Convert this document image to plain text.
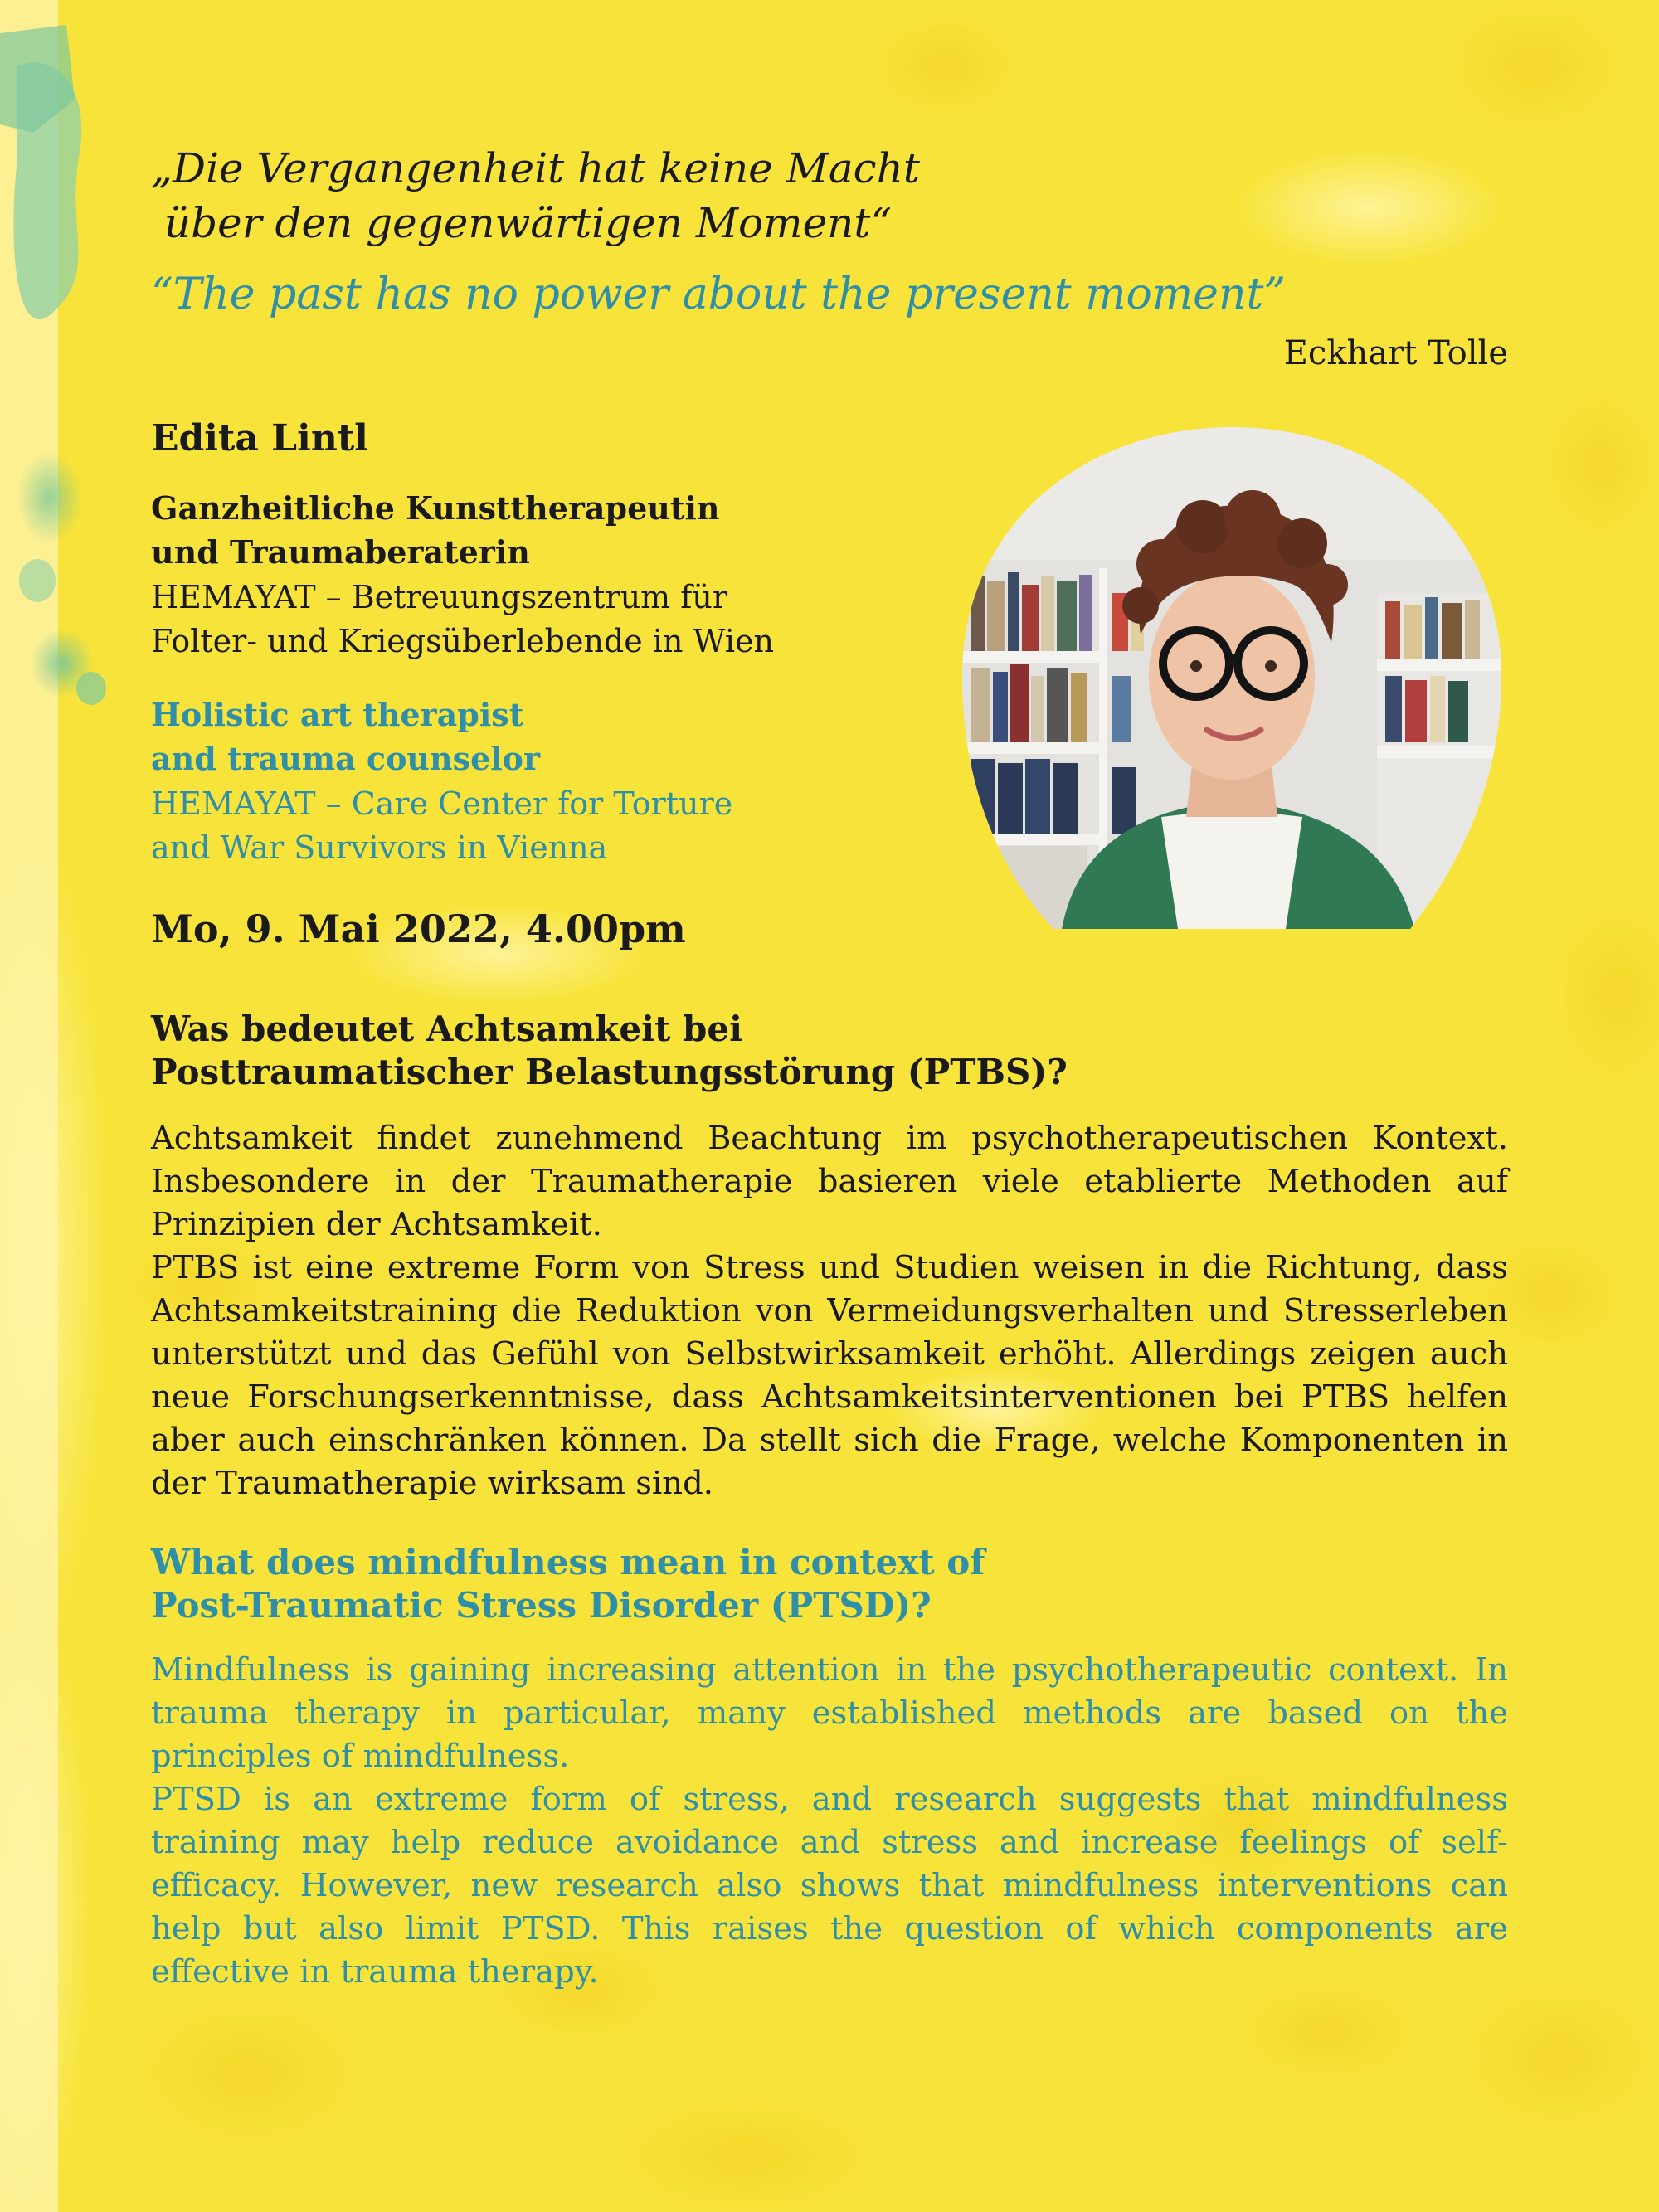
„Die Vergangenheit hat keine Macht
über den gegenwärtigen Moment“
“The past has no power about the present moment”
Eckhart Tolle
Edita Lintl
Ganzheitliche Kunsttherapeutin
und Traumaberaterin
HEMAYAT – Betreuungszentrum für
Folter- und Kriegsüberlebende in Wien
Holistic art therapist
and trauma counselor
HEMAYAT – Care Center for Torture
and War Survivors in Vienna
Mo, 9. Mai 2022, 4.00pm
Was bedeutet Achtsamkeit bei
Posttraumatischer Belastungsstörung (PTBS)?
Achtsamkeit findet zunehmend Beachtung im psychotherapeutischen Kontext. Insbesondere in der Traumatherapie basieren viele etablierte Methoden auf Prinzipien der Achtsamkeit.
PTBS ist eine extreme Form von Stress und Studien weisen in die Richtung, dass Achtsamkeitstraining die Reduktion von Vermeidungsverhalten und Stresserleben unterstützt und das Gefühl von Selbstwirksamkeit erhöht. Allerdings zeigen auch neue Forschungserkenntnisse, dass Achtsamkeitsinterventionen bei PTBS helfen aber auch einschränken können. Da stellt sich die Frage, welche Komponenten in der Traumatherapie wirksam sind.
What does mindfulness mean in context of
Post-Traumatic Stress Disorder (PTSD)?
Mindfulness is gaining increasing attention in the psychotherapeutic context. In trauma therapy in particular, many established methods are based on the principles of mindfulness.
PTSD is an extreme form of stress, and research suggests that mindfulness training may help reduce avoidance and stress and increase feelings of self-efficacy. However, new research also shows that mindfulness interventions can help but also limit PTSD. This raises the question of which components are effective in trauma therapy.
